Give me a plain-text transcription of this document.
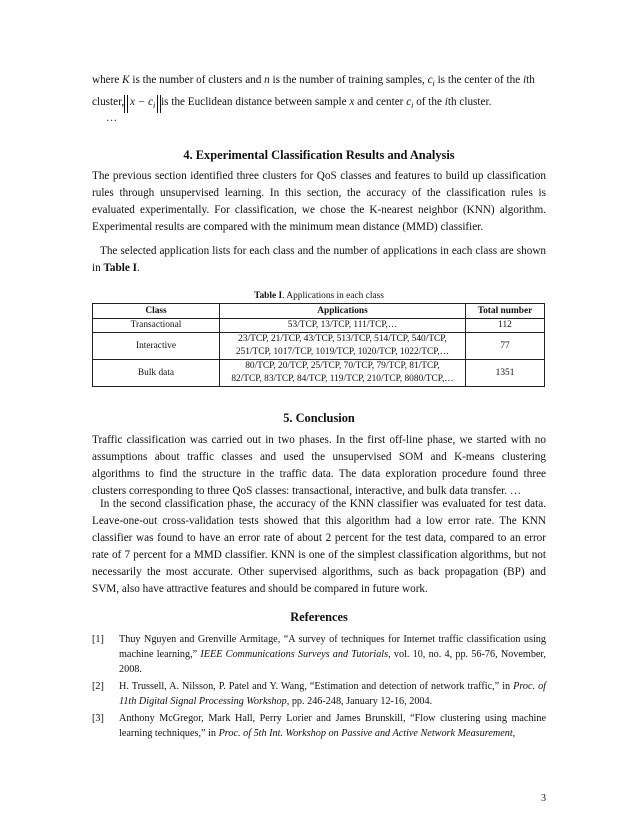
where K is the number of clusters and n is the number of training samples, $c_i$ is the center of the ith
cluster, $x - c_i$ is the Euclidean distance between sample x and center $c_i$ of the ith cluster.
…
4. Experimental Classification Results and Analysis
The previous section identified three clusters for QoS classes and features to build up classification rules through unsupervised learning. In this section, the accuracy of the classification rules is evaluated experimentally. For classification, we chose the K-nearest neighbor (KNN) algorithm. Experimental results are compared with the minimum mean distance (MMD) classifier.
The selected application lists for each class and the number of applications in each class are shown in Table I.
Table I. Applications in each class
Class	Applications	Total number
Transactional	53/TCP, 13/TCP, 111/TCP,…	112
Interactive	23/TCP, 21/TCP, 43/TCP, 513/TCP, 514/TCP, 540/TCP,
251/TCP, 1017/TCP, 1019/TCP, 1020/TCP, 1022/TCP,…	77
Bulk data	80/TCP, 20/TCP, 25/TCP, 70/TCP, 79/TCP, 81/TCP,
82/TCP, 83/TCP, 84/TCP, 119/TCP, 210/TCP, 8080/TCP,…	1351
5. Conclusion
Traffic classification was carried out in two phases. In the first off-line phase, we started with no assumptions about traffic classes and used the unsupervised SOM and K-means clustering algorithms to find the structure in the traffic data. The data exploration procedure found three clusters corresponding to three QoS classes: transactional, interactive, and bulk data transfer. …
In the second classification phase, the accuracy of the KNN classifier was evaluated for test data. Leave-one-out cross-validation tests showed that this algorithm had a low error rate. The KNN classifier was found to have an error rate of about 2 percent for the test data, compared to an error rate of 7 percent for a MMD classifier. KNN is one of the simplest classification algorithms, but not necessarily the most accurate. Other supervised algorithms, such as back propagation (BP) and SVM, also have attractive features and should be compared in future work.
References
[1] Thuy Nguyen and Grenville Armitage, “A survey of techniques for Internet traffic classification using machine learning,” IEEE Communications Surveys and Tutorials, vol. 10, no. 4, pp. 56-76, November, 2008.
[2] H. Trussell, A. Nilsson, P. Patel and Y. Wang, “Estimation and detection of network traffic,” in Proc. of 11th Digital Signal Processing Workshop, pp. 246-248, January 12-16, 2004.
[3] Anthony McGregor, Mark Hall, Perry Lorier and James Brunskill, “Flow clustering using machine learning techniques,” in Proc. of 5th Int. Workshop on Passive and Active Network Measurement,
3
